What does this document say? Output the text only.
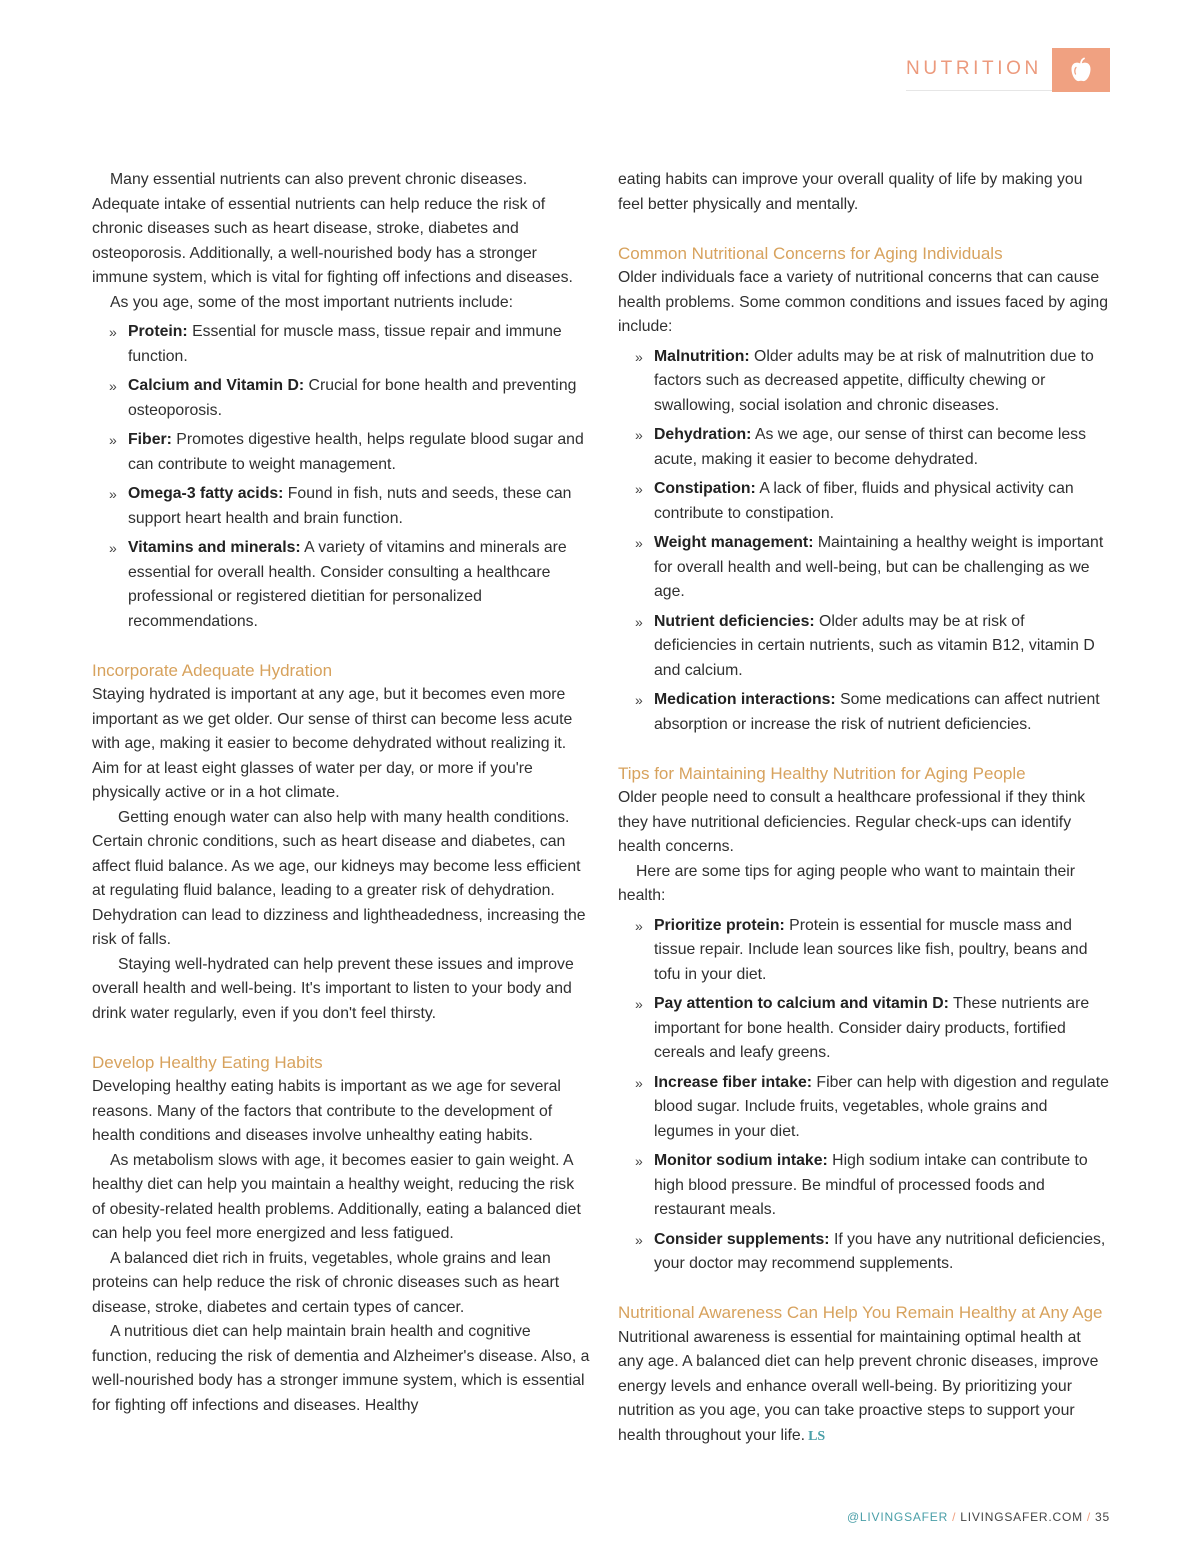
NUTRITION

Many essential nutrients can also prevent chronic diseases. Adequate intake of essential nutrients can help reduce the risk of chronic diseases such as heart disease, stroke, diabetes and osteoporosis. Additionally, a well-nourished body has a stronger immune system, which is vital for fighting off infections and diseases.

As you age, some of the most important nutrients include:

» Protein: Essential for muscle mass, tissue repair and immune function.
» Calcium and Vitamin D: Crucial for bone health and preventing osteoporosis.
» Fiber: Promotes digestive health, helps regulate blood sugar and can contribute to weight management.
» Omega-3 fatty acids: Found in fish, nuts and seeds, these can support heart health and brain function.
» Vitamins and minerals: A variety of vitamins and minerals are essential for overall health. Consider consulting a healthcare professional or registered dietitian for personalized recommendations.
Incorporate Adequate Hydration

Staying hydrated is important at any age, but it becomes even more important as we get older. Our sense of thirst can become less acute with age, making it easier to become dehydrated without realizing it. Aim for at least eight glasses of water per day, or more if you're physically active or in a hot climate.

Getting enough water can also help with many health conditions. Certain chronic conditions, such as heart disease and diabetes, can affect fluid balance. As we age, our kidneys may become less efficient at regulating fluid balance, leading to a greater risk of dehydration. Dehydration can lead to dizziness and lightheadedness, increasing the risk of falls.

Staying well-hydrated can help prevent these issues and improve overall health and well-being. It's important to listen to your body and drink water regularly, even if you don't feel thirsty.

Develop Healthy Eating Habits

Developing healthy eating habits is important as we age for several reasons. Many of the factors that contribute to the development of health conditions and diseases involve unhealthy eating habits.

As metabolism slows with age, it becomes easier to gain weight. A healthy diet can help you maintain a healthy weight, reducing the risk of obesity-related health problems. Additionally, eating a balanced diet can help you feel more energized and less fatigued.

A balanced diet rich in fruits, vegetables, whole grains and lean proteins can help reduce the risk of chronic diseases such as heart disease, stroke, diabetes and certain types of cancer.

A nutritious diet can help maintain brain health and cognitive function, reducing the risk of dementia and Alzheimer's disease. Also, a well-nourished body has a stronger immune system, which is essential for fighting off infections and diseases. Healthy

eating habits can improve your overall quality of life by making you feel better physically and mentally.

Common Nutritional Concerns for Aging Individuals

Older individuals face a variety of nutritional concerns that can cause health problems. Some common conditions and issues faced by aging include:

» Malnutrition: Older adults may be at risk of malnutrition due to factors such as decreased appetite, difficulty chewing or swallowing, social isolation and chronic diseases.
» Dehydration: As we age, our sense of thirst can become less acute, making it easier to become dehydrated.
» Constipation: A lack of fiber, fluids and physical activity can contribute to constipation.
» Weight management: Maintaining a healthy weight is important for overall health and well-being, but can be challenging as we age.
» Nutrient deficiencies: Older adults may be at risk of deficiencies in certain nutrients, such as vitamin B12, vitamin D and calcium.
» Medication interactions: Some medications can affect nutrient absorption or increase the risk of nutrient deficiencies.
Tips for Maintaining Healthy Nutrition for Aging People

Older people need to consult a healthcare professional if they think they have nutritional deficiencies. Regular check-ups can identify health concerns.

Here are some tips for aging people who want to maintain their health:

» Prioritize protein: Protein is essential for muscle mass and tissue repair. Include lean sources like fish, poultry, beans and tofu in your diet.
» Pay attention to calcium and vitamin D: These nutrients are important for bone health. Consider dairy products, fortified cereals and leafy greens.
» Increase fiber intake: Fiber can help with digestion and regulate blood sugar. Include fruits, vegetables, whole grains and legumes in your diet.
» Monitor sodium intake: High sodium intake can contribute to high blood pressure. Be mindful of processed foods and restaurant meals.
» Consider supplements: If you have any nutritional deficiencies, your doctor may recommend supplements.
Nutritional Awareness Can Help You Remain Healthy at Any Age

Nutritional awareness is essential for maintaining optimal health at any age. A balanced diet can help prevent chronic diseases, improve energy levels and enhance overall well-being. By prioritizing your nutrition as you age, you can take proactive steps to support your health throughout your life. LS

@LIVINGSAFER / LIVINGSAFER.COM / 35
